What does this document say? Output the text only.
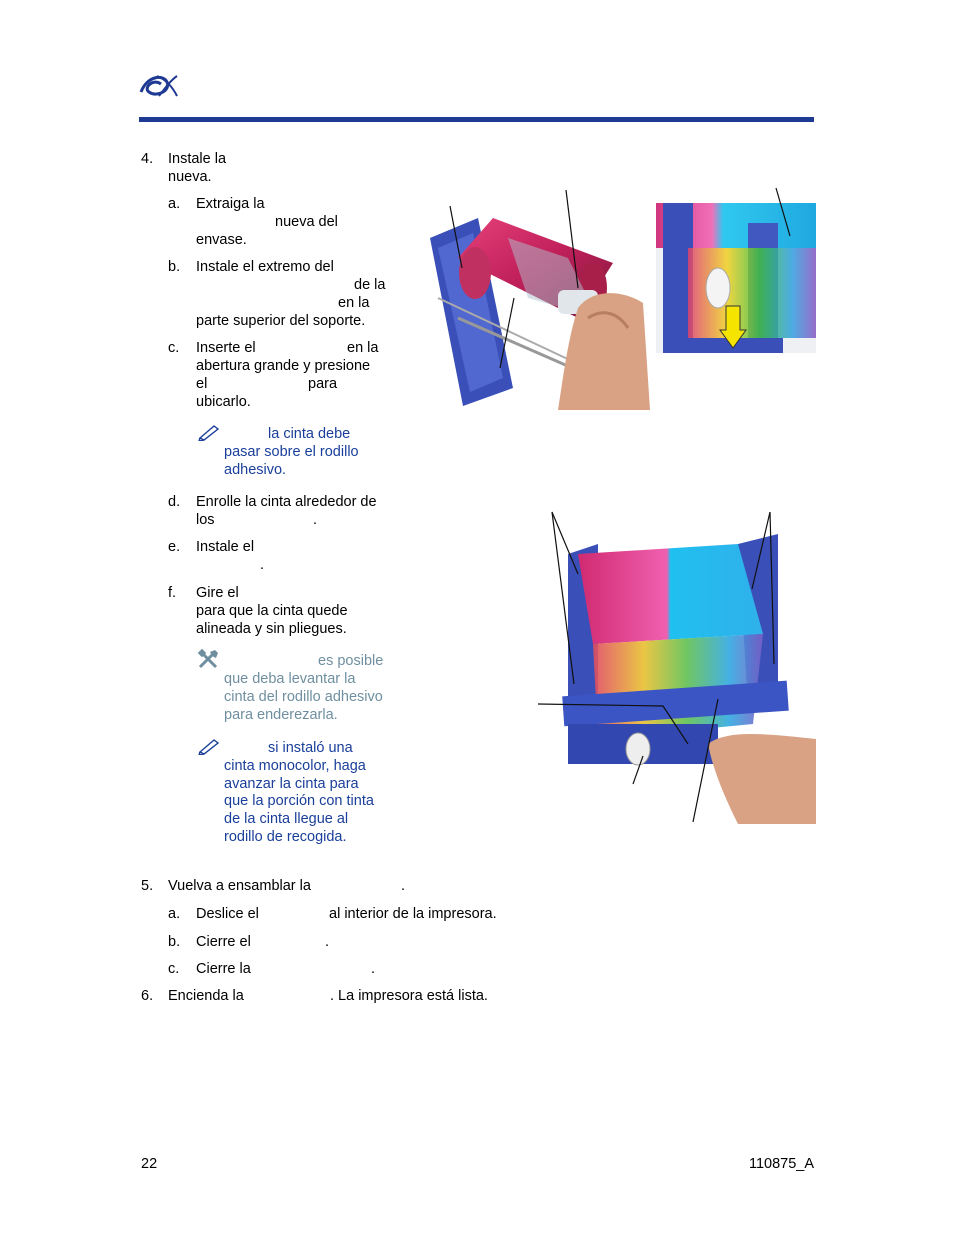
4. Instale la
nueva.
a. Extraiga la
nueva del
envase.
b. Instale el extremo del
de la
en la
parte superior del soporte.
c. Inserte el	en la
abertura grande y presione
el	para
ubicarlo.
la cinta debe
pasar sobre el rodillo
adhesivo.
d. Enrolle la cinta alrededor de
los	.
e. Instale el
.
f. Gire el
para que la cinta quede
alineada y sin pliegues.
es posible
que deba levantar la
cinta del rodillo adhesivo
para enderezarla.
si instaló una
cinta monocolor, haga
avanzar la cinta para
que la porción con tinta
de la cinta llegue al
rodillo de recogida.
5. Vuelva a ensamblar la	.
a. Deslice el	al interior de la impresora.
b. Cierre el	.
c. Cierre la	.
6. Encienda la	. La impresora está lista.
22	110875_A
